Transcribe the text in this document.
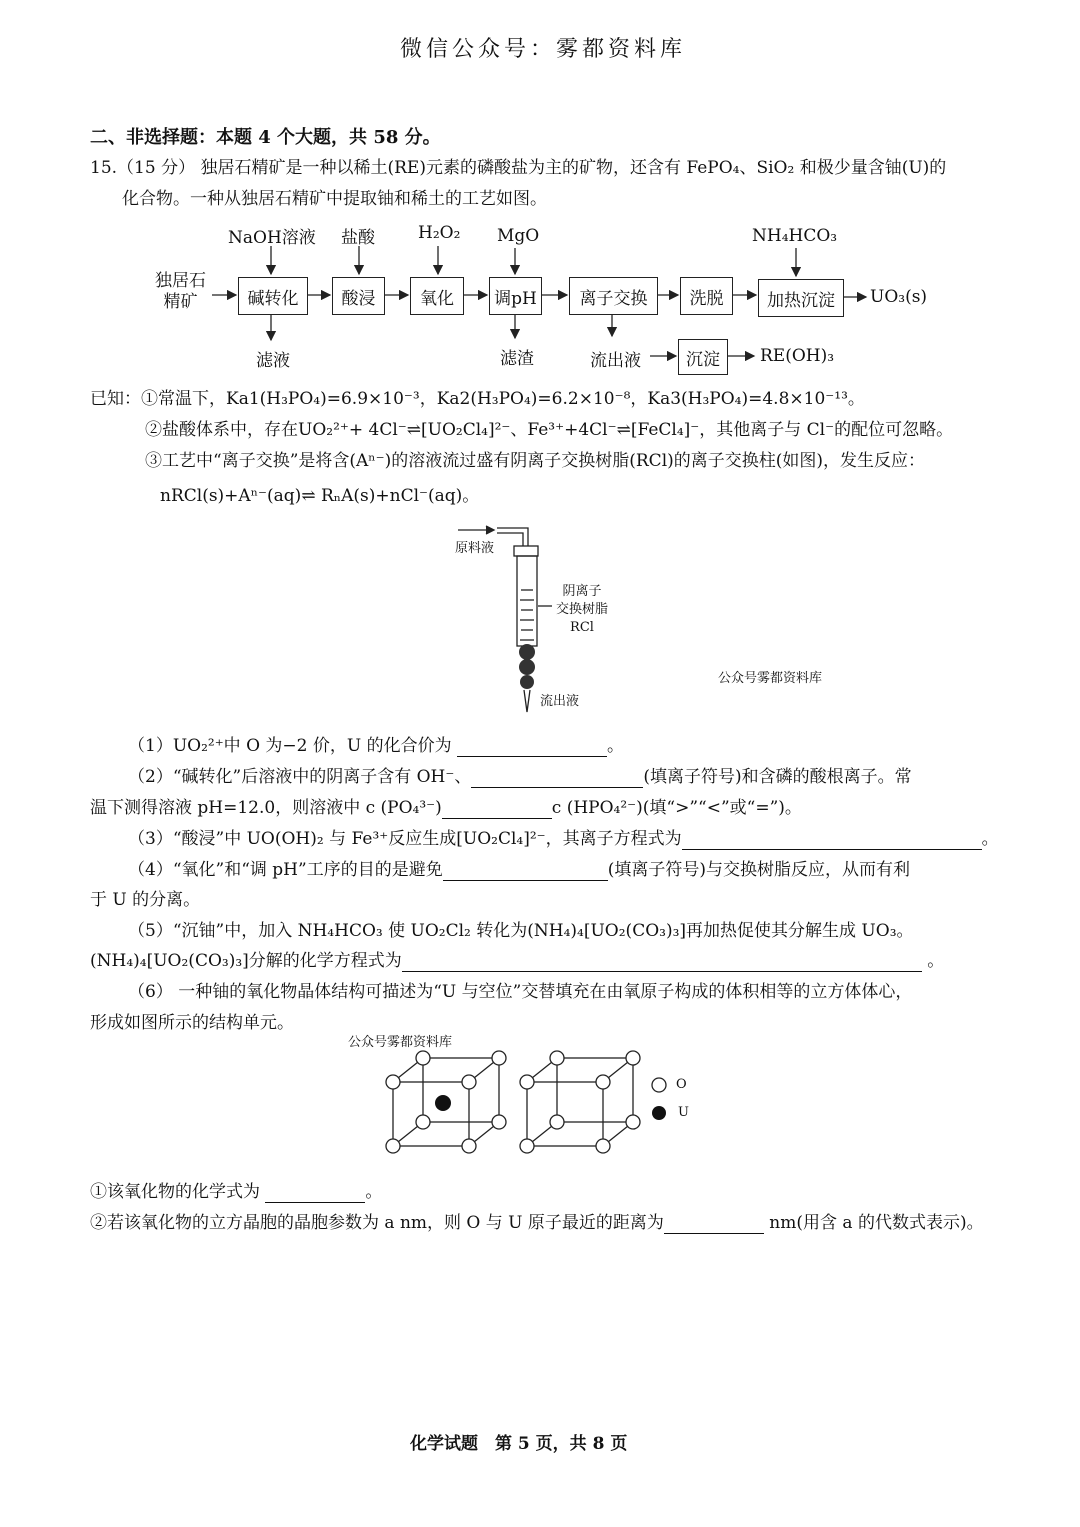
微信公众号：雾都资料库
二、非选择题：本题 4 个大题，共 58 分。
15.（15 分） 独居石精矿是一种以稀土(RE)元素的磷酸盐为主的矿物，还含有 FePO₄、SiO₂ 和极少量含铀(U)的
化合物。一种从独居石精矿中提取铀和稀土的工艺如图。
独居石
精矿	碱转化	酸浸	氧化	调pH	离子交换	洗脱	加热沉淀
沉淀
NaOH溶液 盐酸	H₂O₂ MgO	NH₄HCO₃
滤液	滤渣	流出液
UO₃(s)
RE(OH)₃
已知：①常温下，Ka1(H₃PO₄)=6.9×10⁻³，Ka2(H₃PO₄)=6.2×10⁻⁸，Ka3(H₃PO₄)=4.8×10⁻¹³。
②盐酸体系中，存在UO₂²⁺+ 4Cl⁻⇌[UO₂Cl₄]²⁻、Fe³⁺+4Cl⁻⇌[FeCl₄]⁻，其他离子与 Cl⁻的配位可忽略。
③工艺中“离子交换”是将含(Aⁿ⁻)的溶液流过盛有阴离子交换树脂(RCl)的离子交换柱(如图)，发生反应：
nRCl(s)+Aⁿ⁻(aq)⇌ RₙA(s)+nCl⁻(aq)。
原料液
阴离子
交换树脂
RCl
流出液
公众号雾都资料库
（1）UO₂²⁺中 O 为−2 价，U 的化合价为	。
（2）“碱转化”后溶液中的阴离子含有 OH⁻、	(填离子符号)和含磷的酸根离子。常
温下测得溶液 pH=12.0，则溶液中 c (PO₄³⁻)	c (HPO₄²⁻)(填“>”“<”或“=”)。
（3）“酸浸”中 UO(OH)₂ 与 Fe³⁺反应生成[UO₂Cl₄]²⁻，其离子方程式为	。
（4）“氧化”和“调 pH”工序的目的是避免	(填离子符号)与交换树脂反应，从而有利
于 U 的分离。
（5）“沉铀”中，加入 NH₄HCO₃ 使 UO₂Cl₂ 转化为(NH₄)₄[UO₂(CO₃)₃]再加热促使其分解生成 UO₃。
(NH₄)₄[UO₂(CO₃)₃]分解的化学方程式为	。
（6） 一种铀的氧化物晶体结构可描述为“U 与空位”交替填充在由氧原子构成的体积相等的立方体体心，
形成如图所示的结构单元。
公众号雾都资料库
O
U
①该氧化物的化学式为	。
②若该氧化物的立方晶胞的晶胞参数为 a nm，则 O 与 U 原子最近的距离为	nm(用含 a 的代数式表示)。
化学试题　第 5 页，共 8 页
